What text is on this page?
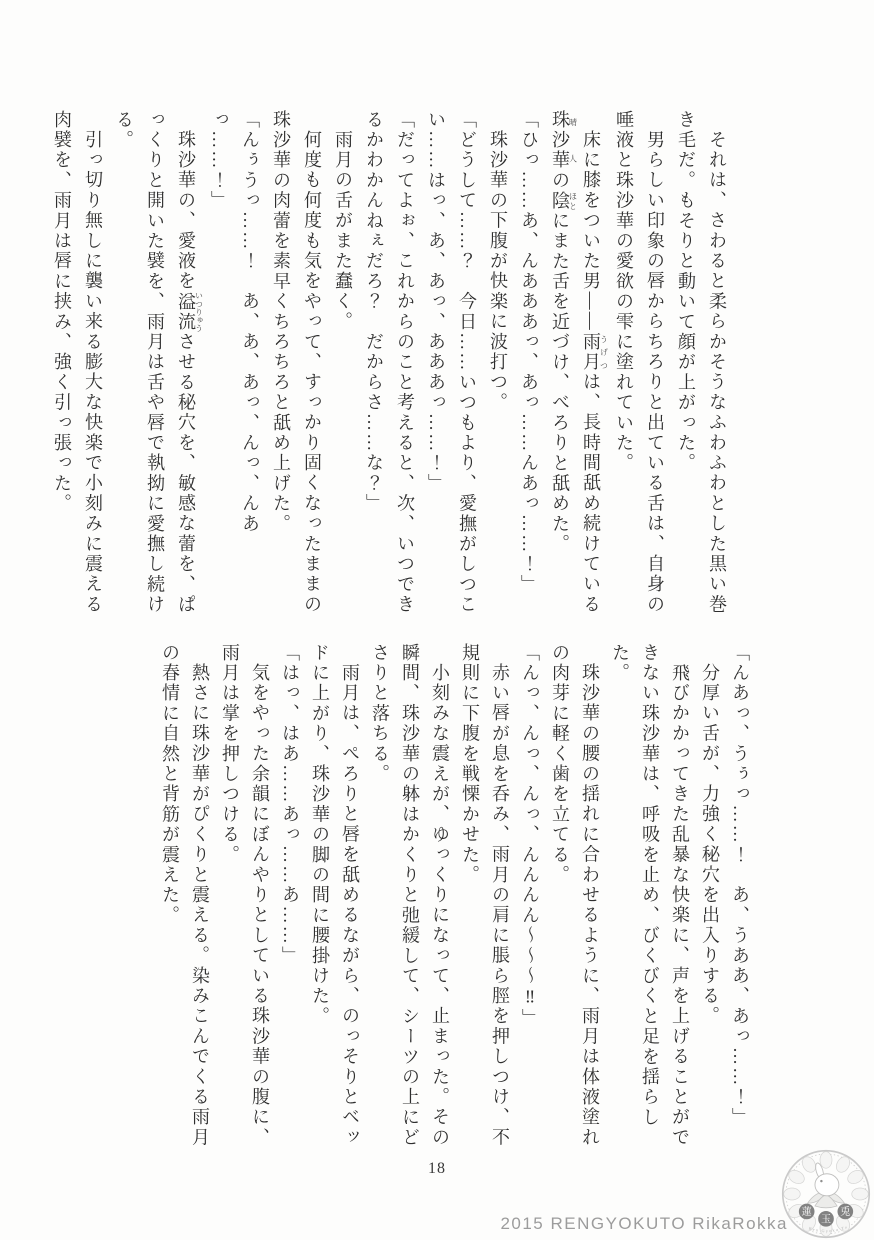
それは、さわると柔らかそうなふわふわとした黒い巻き毛だ。もそりと動いて顔が上がった。

男らしい印象の唇からちろりと出ている舌は、自身の唾液と珠沙華の愛欲の雫に塗れていた。

床に膝をついた男――雨月うげつは、長時間舐め続けている珠沙華晴人の陰ほとにまた舌を近づけ、べろりと舐めた。

「ひっ……あ、んあああっ、あっ……んあっ……！」

珠沙華の下腹が快楽に波打つ。

「どうして……？　今日……いつもより、愛撫がしつこい……はっ、あ、あっ、あああっ……！」

「だってよぉ、これからのこと考えると、次、いつできるかわかんねぇだろ？　だからさ……な？」

雨月の舌がまた蠢く。

何度も何度も気をやって、すっかり固くなったままの珠沙華の肉蕾を素早くちろちろと舐め上げた。

「んぅうっ……！　あ、あ、あっ、んっ、んあっ……！」

珠沙華の、愛液を溢流いつりゅうさせる秘穴を、敏感な蕾を、ぱっくりと開いた襞を、雨月は舌や唇で執拗に愛撫し続ける。

引っ切り無しに襲い来る膨大な快楽で小刻みに震える肉襞を、雨月は唇に挟み、強く引っ張った。

「んあっ、うぅっ……！　あ、うああ、あっ……！」

分厚い舌が、力強く秘穴を出入りする。

飛びかかってきた乱暴な快楽に、声を上げることができない珠沙華は、呼吸を止め、びくびくと足を揺らした。

珠沙華の腰の揺れに合わせるように、雨月は体液塗れの肉芽に軽く歯を立てる。

「んっ、んっ、んっ、んんんん〜〜〜‼」

赤い唇が息を呑み、雨月の肩に脹ら脛を押しつけ、不規則に下腹を戦慄かせた。

小刻みな震えが、ゆっくりになって、止まった。その瞬間、珠沙華の躰はかくりと弛緩して、シーツの上にどさりと落ちる。

雨月は、ぺろりと唇を舐めるながら、のっそりとベッドに上がり、珠沙華の脚の間に腰掛けた。

「はっ、はあ……あっ……あ……」

気をやった余韻にぼんやりとしている珠沙華の腹に、雨月は掌を押しつける。

熱さに珠沙華がぴくりと震える。染みこんでくる雨月の春情に自然と背筋が震えた。

18
2015 RENGYOKUTO RikaRokka
蓮
玉
兎
Ren Gyoku To
